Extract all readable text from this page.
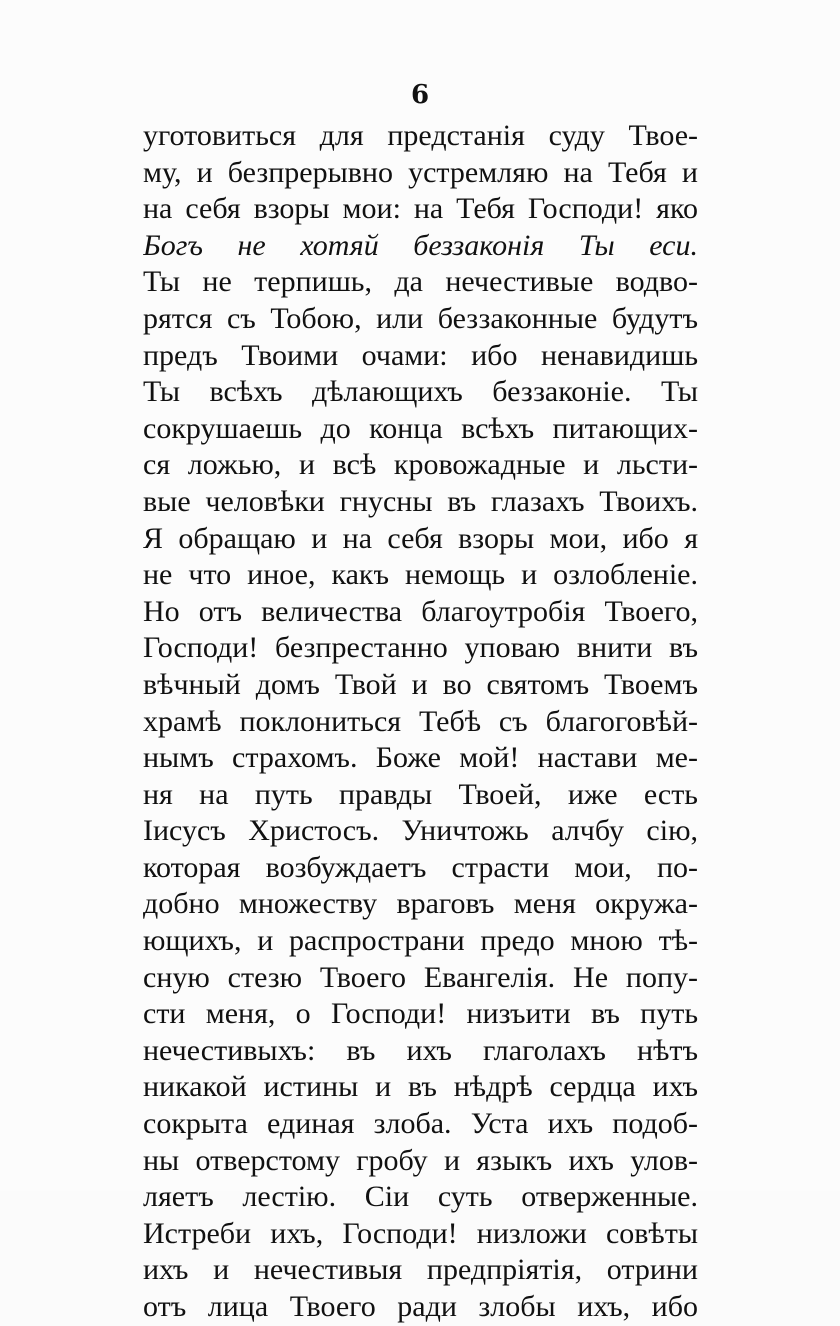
6
уготовиться для предстанія суду Твое-
му, и безпрерывно устремляю на Тебя и
на себя взоры мои: на Тебя Господи! яко
Богъ не хотяй беззаконія Ты еси.
Ты не терпишь, да нечестивые водво-
рятся съ Тобою, или беззаконные будутъ
предъ Твоими очами: ибо ненавидишь
Ты всѣхъ дѣлающихъ беззаконіе. Ты
сокрушаешь до конца всѣхъ питающих-
ся ложью, и всѣ кровожадные и льсти-
вые человѣки гнусны въ глазахъ Твоихъ.
Я обращаю и на себя взоры мои, ибо я
не что иное, какъ немощь и озлобленіе.
Но отъ величества благоутробія Твоего,
Господи! безпрестанно уповаю внити въ
вѣчный домъ Твой и во святомъ Твоемъ
храмѣ поклониться Тебѣ съ благоговѣй-
нымъ страхомъ. Боже мой! настави ме-
ня на путь правды Твоей, иже есть
Іисусъ Христосъ. Уничтожь алчбу сію,
которая возбуждаетъ страсти мои, по-
добно множеству враговъ меня окружа-
ющихъ, и распространи предо мною тѣ-
сную стезю Твоего Евангелія. Не попу-
сти меня, о Господи! низъити въ путь
нечестивыхъ: въ ихъ глаголахъ нѣтъ
никакой истины и въ нѣдрѣ сердца ихъ
сокрыта единая злоба. Уста ихъ подоб-
ны отверстому гробу и языкъ ихъ улов-
ляетъ лестію. Сіи суть отверженные.
Истреби ихъ, Господи! низложи совѣты
ихъ и нечестивыя предпріятія, отрини
отъ лица Твоего ради злобы ихъ, ибо
